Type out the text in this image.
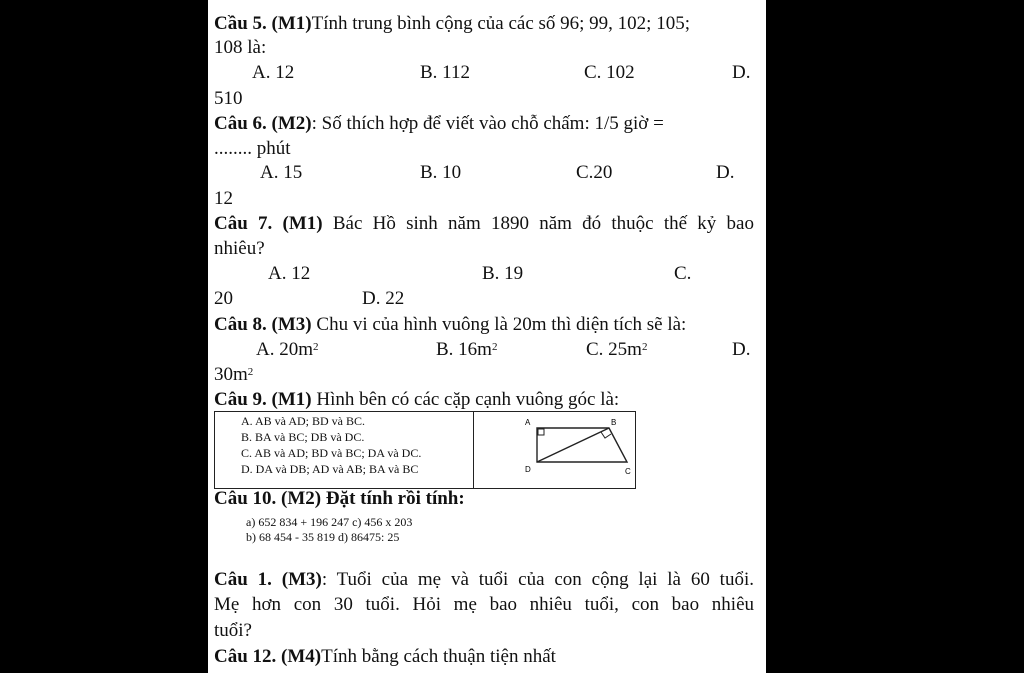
Cầu 5. (M1)Tính trung bình cộng của các số 96; 99, 102; 105;
108 là:
A. 12	B. 112	C. 102	D.
510
Câu 6. (M2): Số thích hợp để viết vào chỗ chấm: 1/5 giờ =
........ phút
A. 15	B. 10	C.20	D.
12
Câu 7. (M1) Bác Hồ sinh năm 1890 năm đó thuộc thế kỷ bao
nhiêu?
A. 12	B. 19	C.
20	D. 22
Câu 8. (M3) Chu vi của hình vuông là 20m thì diện tích sẽ là:
A. $20m^2$	B. $16m^2$	C. $25m^2$	D.
$30m^2$
Câu 9. (M1) Hình bên có các cặp cạnh vuông góc là:
A. AB và AD; BD và BC.
B. BA và BC; DB và DC.
C. AB và AD; BD và BC; DA và DC.
D. DA và DB; AD và AB; BA và BC
A	B
D	C
Câu 10. (M2) Đặt tính rồi tính:
a) 652 834 + 196 247 c) 456 x 203
b) 68 454 - 35 819 d) 86475: 25
Câu 1. (M3): Tuổi của mẹ và tuổi của con cộng lại là 60 tuổi.
Mẹ hơn con 30 tuổi. Hỏi mẹ bao nhiêu tuổi, con bao nhiêu
tuổi?
Câu 12. (M4)Tính bằng cách thuận tiện nhất
